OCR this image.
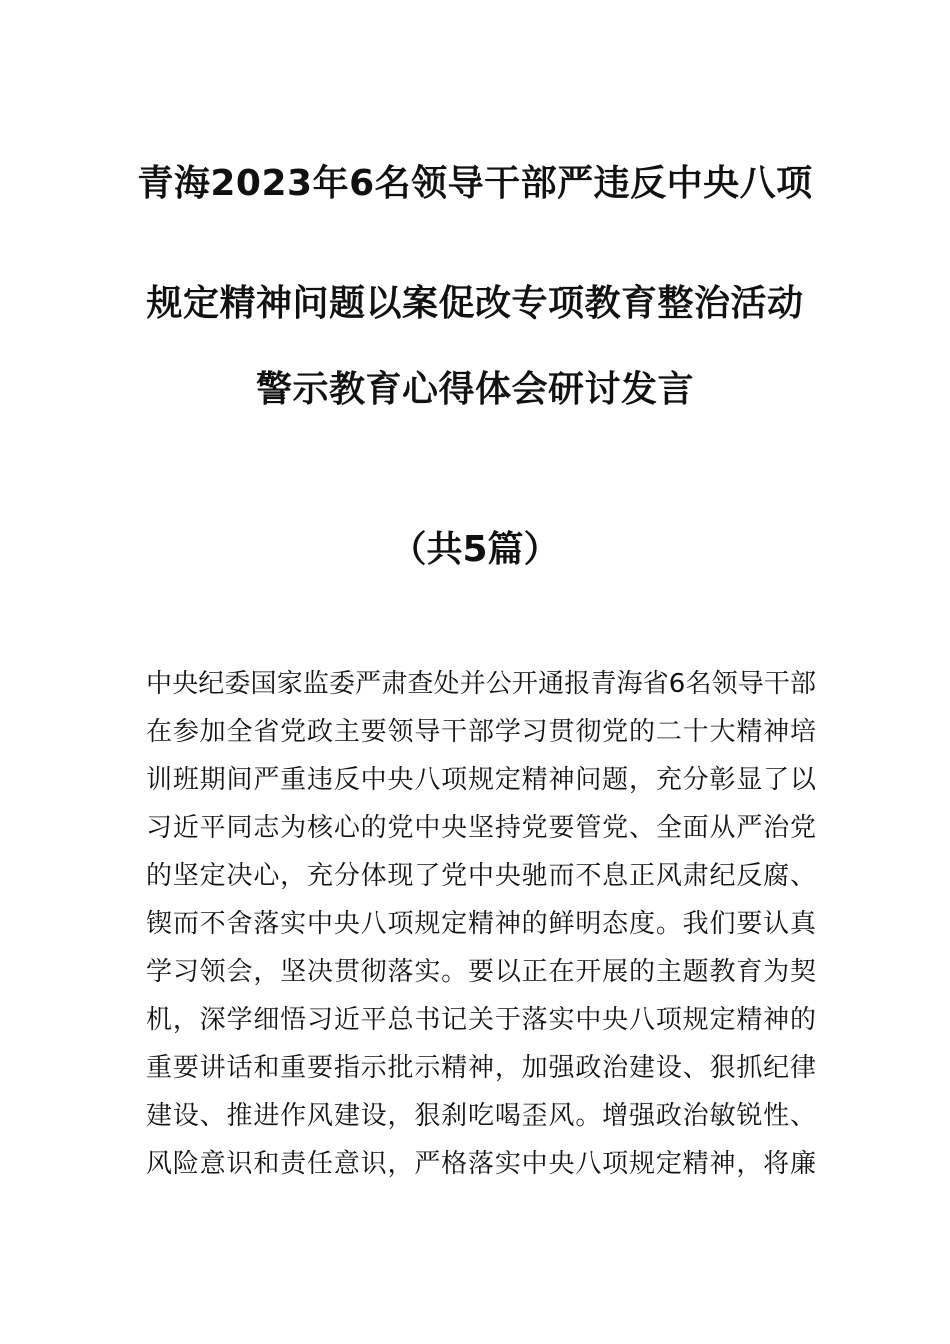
青海2023年6名领导干部严违反中央八项
规定精神问题以案促改专项教育整治活动
警示教育心得体会研讨发言
（共5篇）
中央纪委国家监委严肃查处并公开通报青海省6名领导干部
在参加全省党政主要领导干部学习贯彻党的二十大精神培
训班期间严重违反中央八项规定精神问题，充分彰显了以
习近平同志为核心的党中央坚持党要管党、全面从严治党
的坚定决心，充分体现了党中央驰而不息正风肃纪反腐、
锲而不舍落实中央八项规定精神的鲜明态度。我们要认真
学习领会，坚决贯彻落实。要以正在开展的主题教育为契
机，深学细悟习近平总书记关于落实中央八项规定精神的
重要讲话和重要指示批示精神，加强政治建设、狠抓纪律
建设、推进作风建设，狠刹吃喝歪风。增强政治敏锐性、
风险意识和责任意识，严格落实中央八项规定精神，将廉
